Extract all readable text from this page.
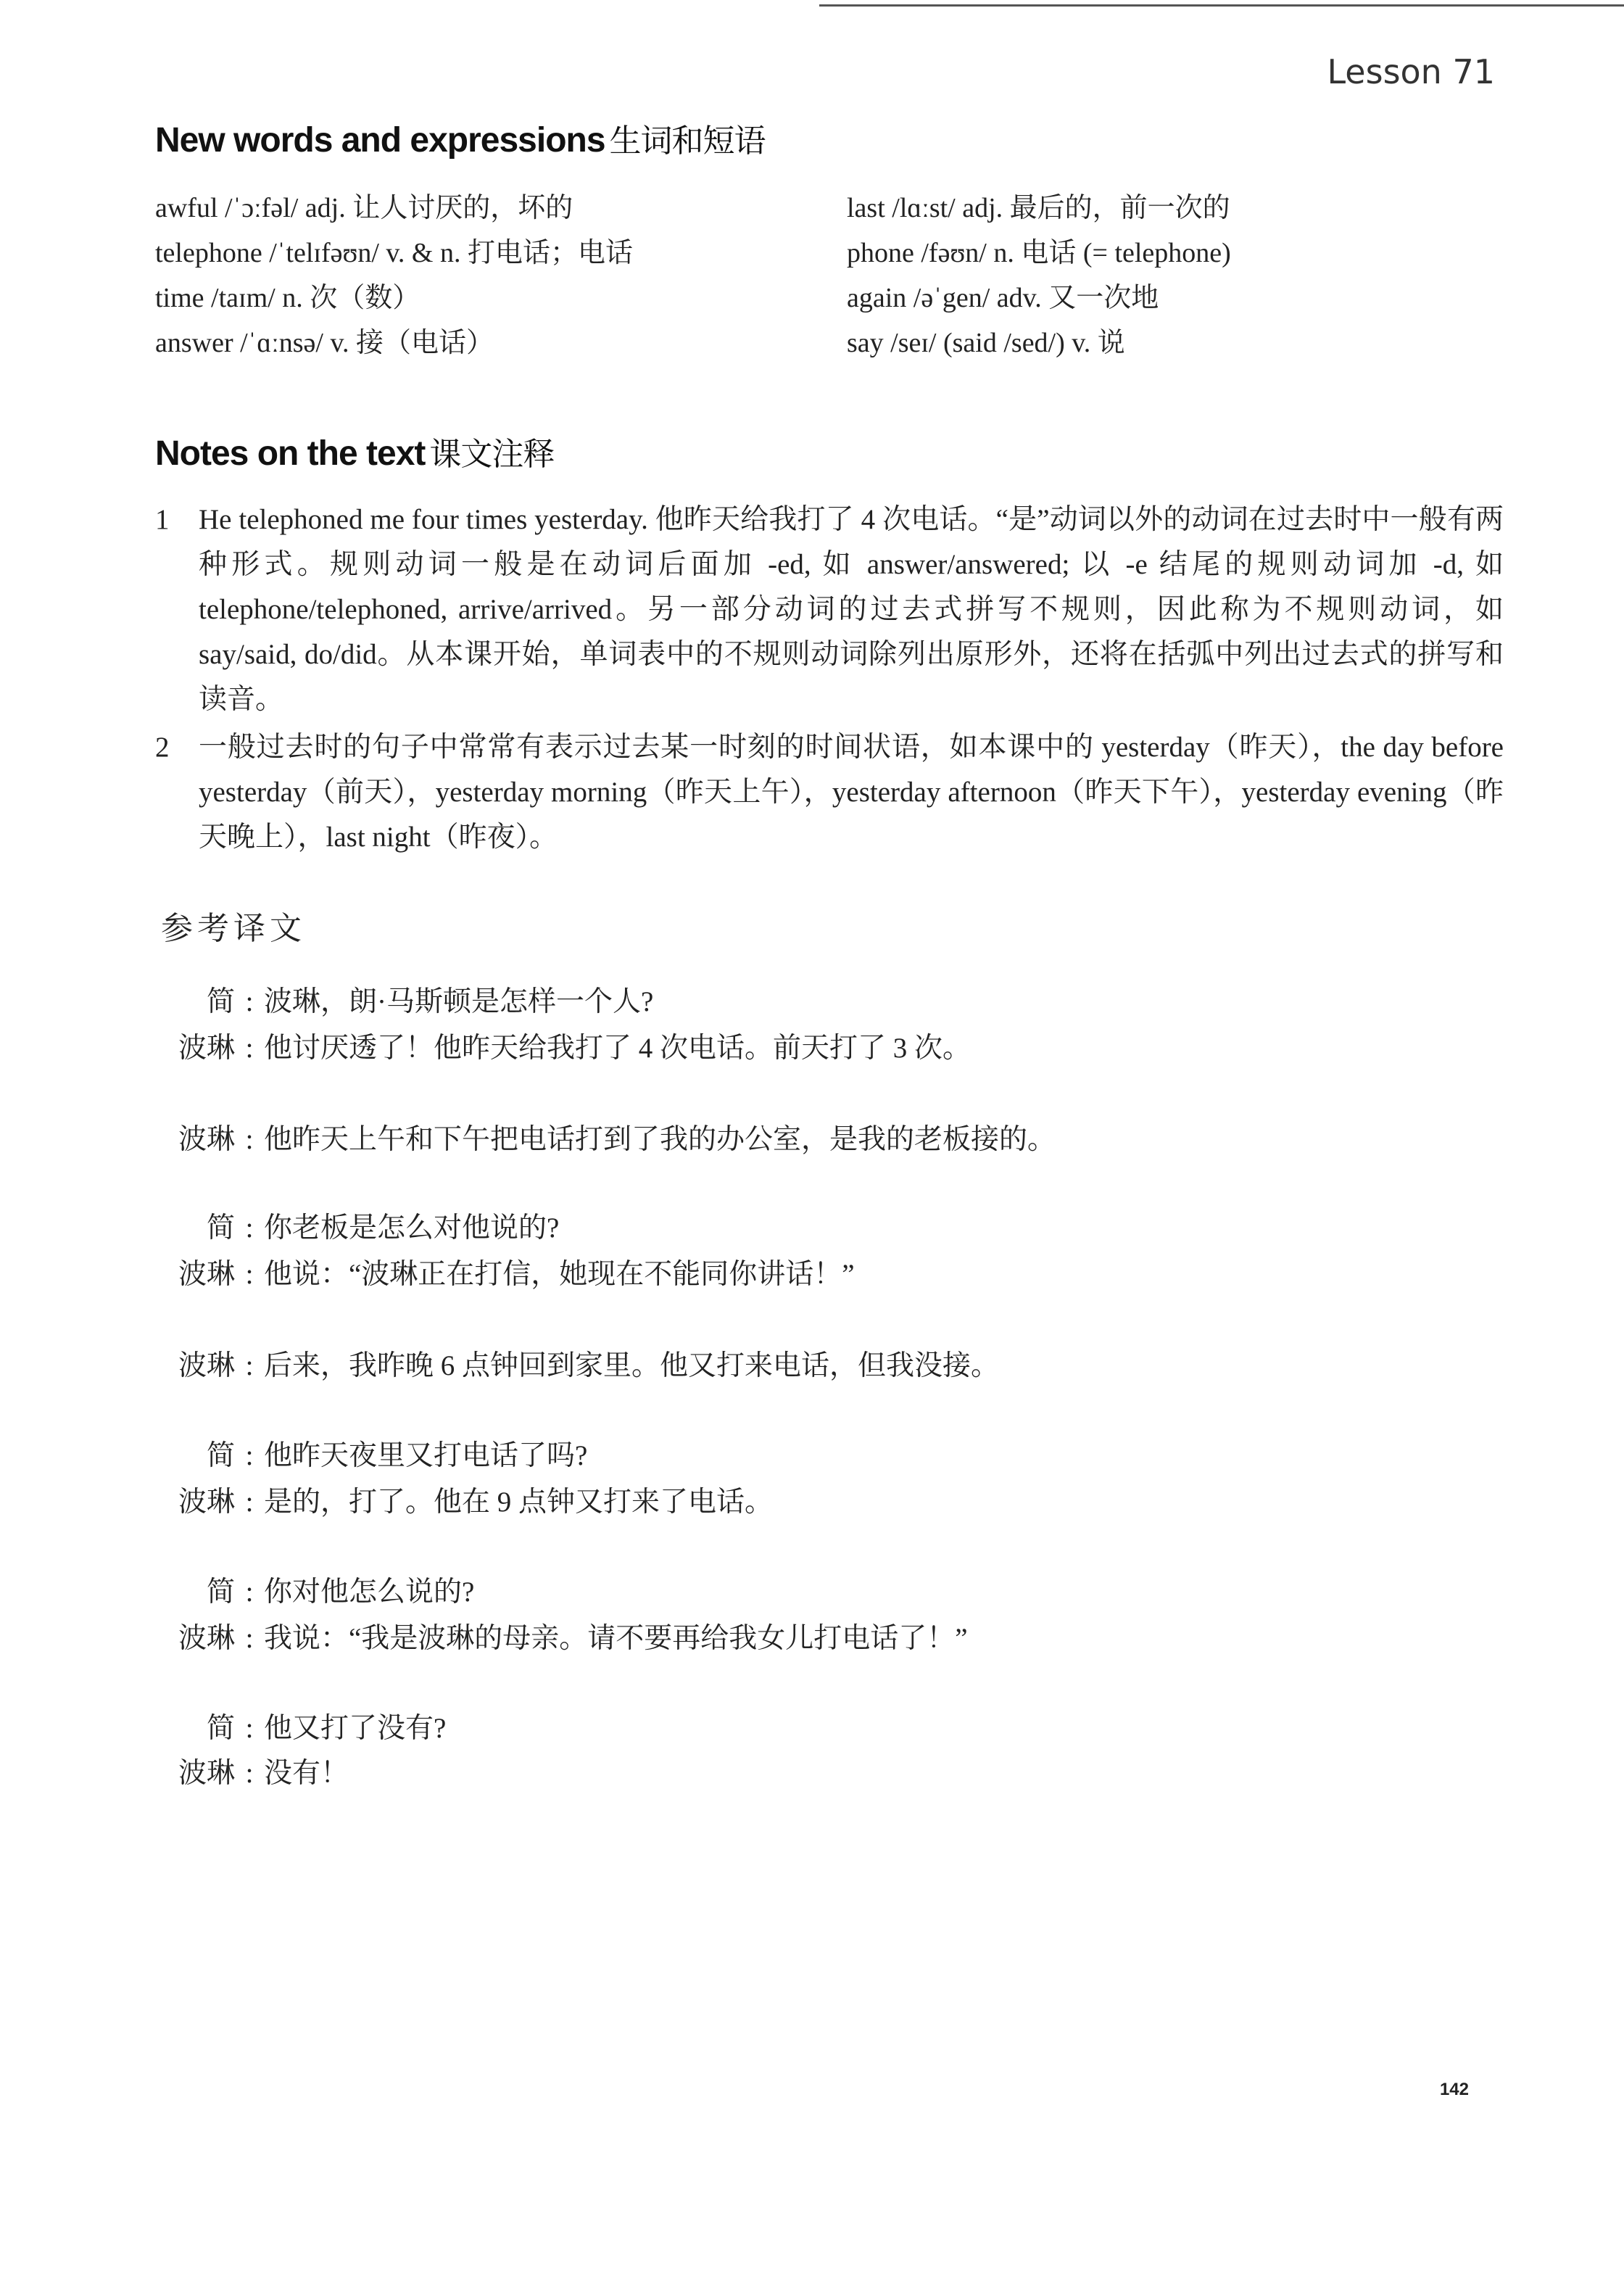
Lesson 71
New words and expressions 生词和短语
awful /ˈɔːfəl/ adj. 让人讨厌的，坏的
telephone /ˈtelɪfəʊn/ v. & n. 打电话；电话
time /taɪm/ n. 次（数）
answer /ˈɑːnsə/ v. 接（电话）
last /lɑːst/ adj. 最后的，前一次的
phone /fəʊn/ n. 电话 (= telephone)
again /əˈgen/ adv. 又一次地
say /seɪ/ (said /sed/) v. 说
Notes on the text 课文注释
1	He telephoned me four times yesterday. 他昨天给我打了 4 次电话。“是”动词以外的动词在过去时中一般有两种形式。规则动词一般是在动词后面加 -ed, 如 answer/answered; 以 -e 结尾的规则动词加 -d, 如 telephone/telephoned, arrive/arrived。另一部分动词的过去式拼写不规则，因此称为不规则动词，如 say/said, do/did。从本课开始，单词表中的不规则动词除列出原形外，还将在括弧中列出过去式的拼写和读音。
2	一般过去时的句子中常常有表示过去某一时刻的时间状语，如本课中的 yesterday（昨天），the day before yesterday（前天），yesterday morning（昨天上午），yesterday afternoon（昨天下午），yesterday evening（昨天晚上），last night（昨夜）。
参考译文
简 : 波琳，朗·马斯顿是怎样一个人?
波琳 : 他讨厌透了！他昨天给我打了 4 次电话。前天打了 3 次。
波琳 : 他昨天上午和下午把电话打到了我的办公室，是我的老板接的。
简 : 你老板是怎么对他说的?
波琳 : 他说：“波琳正在打信，她现在不能同你讲话！”
波琳 : 后来，我昨晚 6 点钟回到家里。他又打来电话，但我没接。
简 : 他昨天夜里又打电话了吗?
波琳 : 是的，打了。他在 9 点钟又打来了电话。
简 : 你对他怎么说的?
波琳 : 我说：“我是波琳的母亲。请不要再给我女儿打电话了！”
简 : 他又打了没有?
波琳 : 没有！
142
